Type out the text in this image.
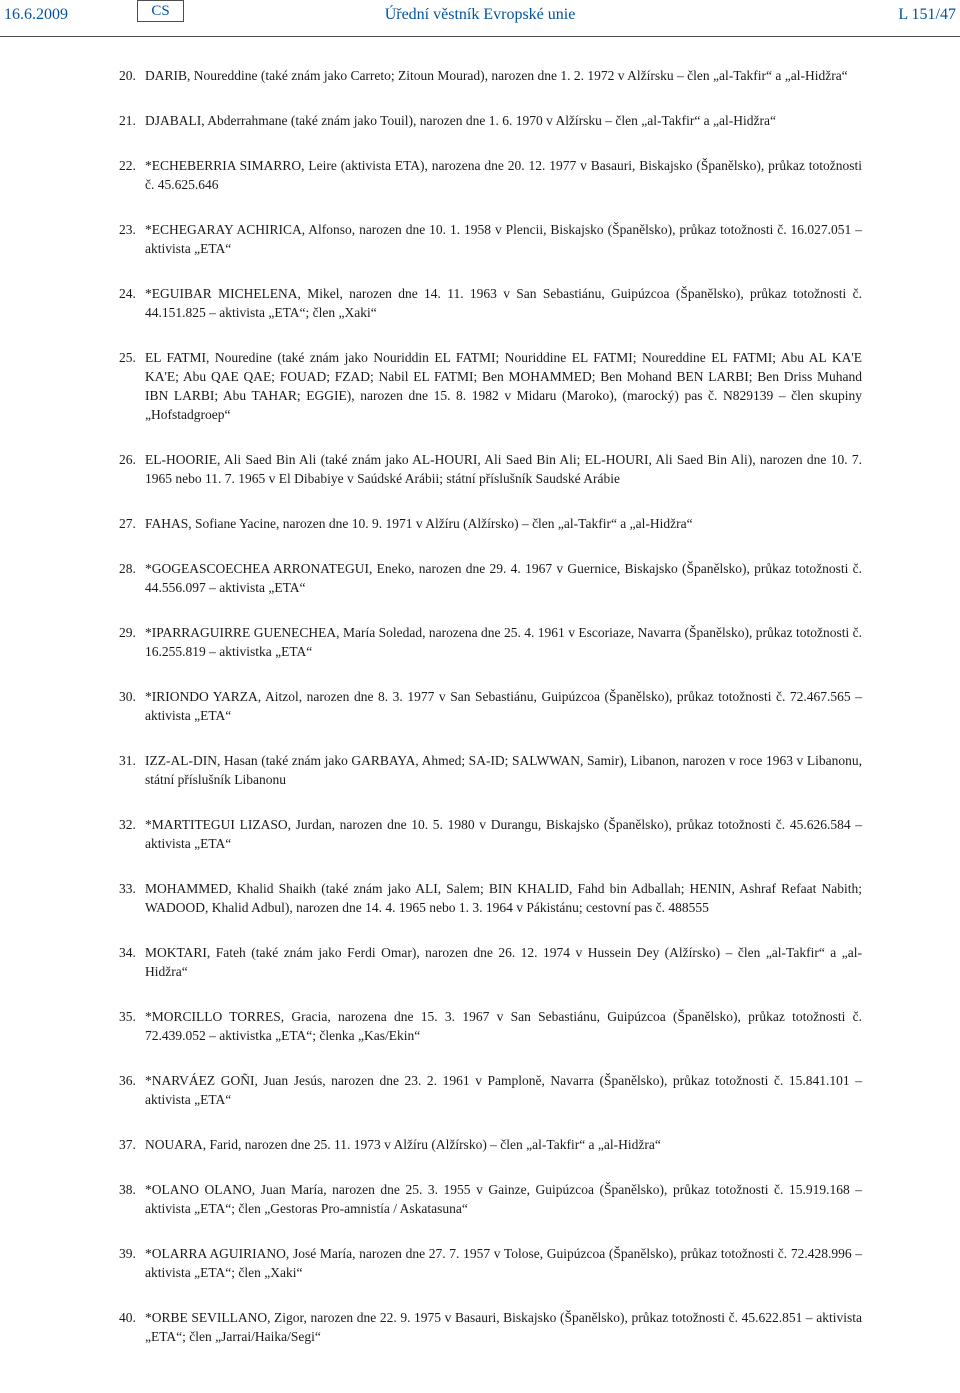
16.6.2009	CS	Úřední věstník Evropské unie	L 151/47
20. DARIB, Noureddine (také znám jako Carreto; Zitoun Mourad), narozen dne 1. 2. 1972 v Alžírsku – člen „al-Takfir“ a „al-Hidžra“
21. DJABALI, Abderrahmane (také znám jako Touil), narozen dne 1. 6. 1970 v Alžírsku – člen „al-Takfir“ a „al-Hidžra“
22. *ECHEBERRIA SIMARRO, Leire (aktivista ETA), narozena dne 20. 12. 1977 v Basauri, Biskajsko (Španělsko), průkaz totožnosti č. 45.625.646
23. *ECHEGARAY ACHIRICA, Alfonso, narozen dne 10. 1. 1958 v Plencii, Biskajsko (Španělsko), průkaz totožnosti č. 16.027.051 – aktivista „ETA“
24. *EGUIBAR MICHELENA, Mikel, narozen dne 14. 11. 1963 v San Sebastiánu, Guipúzcoa (Španělsko), průkaz totožnosti č. 44.151.825 – aktivista „ETA“; člen „Xaki“
25. EL FATMI, Nouredine (také znám jako Nouriddin EL FATMI; Nouriddine EL FATMI; Noureddine EL FATMI; Abu AL KA'E KA'E; Abu QAE QAE; FOUAD; FZAD; Nabil EL FATMI; Ben MOHAMMED; Ben Mohand BEN LARBI; Ben Driss Muhand IBN LARBI; Abu TAHAR; EGGIE), narozen dne 15. 8. 1982 v Midaru (Maroko), (marocký) pas č. N829139 – člen skupiny „Hofstadgroep“
26. EL-HOORIE, Ali Saed Bin Ali (také znám jako AL-HOURI, Ali Saed Bin Ali; EL-HOURI, Ali Saed Bin Ali), narozen dne 10. 7. 1965 nebo 11. 7. 1965 v El Dibabiye v Saúdské Arábii; státní příslušník Saudské Arábie
27. FAHAS, Sofiane Yacine, narozen dne 10. 9. 1971 v Alžíru (Alžírsko) – člen „al-Takfir“ a „al-Hidžra“
28. *GOGEASCOECHEA ARRONATEGUI, Eneko, narozen dne 29. 4. 1967 v Guernice, Biskajsko (Španělsko), průkaz totožnosti č. 44.556.097 – aktivista „ETA“
29. *IPARRAGUIRRE GUENECHEA, María Soledad, narozena dne 25. 4. 1961 v Escoriaze, Navarra (Španělsko), průkaz totožnosti č. 16.255.819 – aktivistka „ETA“
30. *IRIONDO YARZA, Aitzol, narozen dne 8. 3. 1977 v San Sebastiánu, Guipúzcoa (Španělsko), průkaz totožnosti č. 72.467.565 – aktivista „ETA“
31. IZZ-AL-DIN, Hasan (také znám jako GARBAYA, Ahmed; SA-ID; SALWWAN, Samir), Libanon, narozen v roce 1963 v Libanonu, státní příslušník Libanonu
32. *MARTITEGUI LIZASO, Jurdan, narozen dne 10. 5. 1980 v Durangu, Biskajsko (Španělsko), průkaz totožnosti č. 45.626.584 – aktivista „ETA“
33. MOHAMMED, Khalid Shaikh (také znám jako ALI, Salem; BIN KHALID, Fahd bin Adballah; HENIN, Ashraf Refaat Nabith; WADOOD, Khalid Adbul), narozen dne 14. 4. 1965 nebo 1. 3. 1964 v Pákistánu; cestovní pas č. 488555
34. MOKTARI, Fateh (také znám jako Ferdi Omar), narozen dne 26. 12. 1974 v Hussein Dey (Alžírsko) – člen „al-Takfir“ a „al-Hidžra“
35. *MORCILLO TORRES, Gracia, narozena dne 15. 3. 1967 v San Sebastiánu, Guipúzcoa (Španělsko), průkaz totožnosti č. 72.439.052 – aktivistka „ETA“; členka „Kas/Ekin“
36. *NARVÁEZ GOÑI, Juan Jesús, narozen dne 23. 2. 1961 v Pamploně, Navarra (Španělsko), průkaz totožnosti č. 15.841.101 – aktivista „ETA“
37. NOUARA, Farid, narozen dne 25. 11. 1973 v Alžíru (Alžírsko) – člen „al-Takfir“ a „al-Hidžra“
38. *OLANO OLANO, Juan María, narozen dne 25. 3. 1955 v Gainze, Guipúzcoa (Španělsko), průkaz totožnosti č. 15.919.168 – aktivista „ETA“; člen „Gestoras Pro-amnistía / Askatasuna“
39. *OLARRA AGUIRIANO, José María, narozen dne 27. 7. 1957 v Tolose, Guipúzcoa (Španělsko), průkaz totožnosti č. 72.428.996 – aktivista „ETA“; člen „Xaki“
40. *ORBE SEVILLANO, Zigor, narozen dne 22. 9. 1975 v Basauri, Biskajsko (Španělsko), průkaz totožnosti č. 45.622.851 – aktivista „ETA“; člen „Jarrai/Haika/Segi“
